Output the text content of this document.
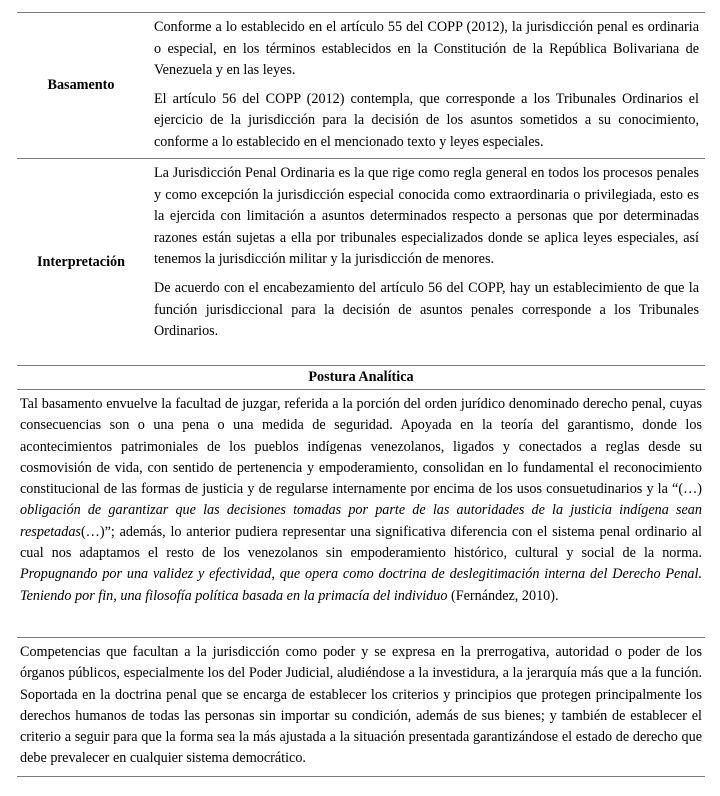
Basamento

Conforme a lo establecido en el artículo 55 del COPP (2012), la jurisdicción penal es ordinaria o especial, en los términos establecidos en la Constitución de la República Bolivariana de Venezuela y en las leyes.

El artículo 56 del COPP (2012) contempla, que corresponde a los Tribunales Ordinarios el ejercicio de la jurisdicción para la decisión de los asuntos sometidos a su conocimiento, conforme a lo establecido en el mencionado texto y leyes especiales.

Interpretación

La Jurisdicción Penal Ordinaria es la que rige como regla general en todos los procesos penales y como excepción la jurisdicción especial conocida como extraordinaria o privilegiada, esto es la ejercida con limitación a asuntos determinados respecto a personas que por determinadas razones están sujetas a ella por tribunales especializados donde se aplica leyes especiales, así tenemos la jurisdicción militar y la jurisdicción de menores.

De acuerdo con el encabezamiento del artículo 56 del COPP, hay un establecimiento de que la función jurisdiccional para la decisión de asuntos penales corresponde a los Tribunales Ordinarios.

Postura Analítica

Tal basamento envuelve la facultad de juzgar, referida a la porción del orden jurídico denominado derecho penal, cuyas consecuencias son o una pena o una medida de seguridad. Apoyada en la teoría del garantismo, donde los acontecimientos patrimoniales de los pueblos indígenas venezolanos, ligados y conectados a reglas desde su cosmovisión de vida, con sentido de pertenencia y empoderamiento, consolidan en lo fundamental el reconocimiento constitucional de las formas de justicia y de regularse internamente por encima de los usos consuetudinarios y la “(…) obligación de garantizar que las decisiones tomadas por parte de las autoridades de la justicia indígena sean respetadas(…)”; además, lo anterior pudiera representar una significativa diferencia con el sistema penal ordinario al cual nos adaptamos el resto de los venezolanos sin empoderamiento histórico, cultural y social de la norma. Propugnando por una validez y efectividad, que opera como doctrina de deslegitimación interna del Derecho Penal. Teniendo por fin, una filosofía política basada en la primacía del individuo (Fernández, 2010).

Competencias que facultan a la jurisdicción como poder y se expresa en la prerrogativa, autoridad o poder de los órganos públicos, especialmente los del Poder Judicial, aludiéndose a la investidura, a la jerarquía más que a la función. Soportada en la doctrina penal que se encarga de establecer los criterios y principios que protegen principalmente los derechos humanos de todas las personas sin importar su condición, además de sus bienes; y también de establecer el criterio a seguir para que la forma sea la más ajustada a la situación presentada garantizándose el estado de derecho que debe prevalecer en cualquier sistema democrático.
